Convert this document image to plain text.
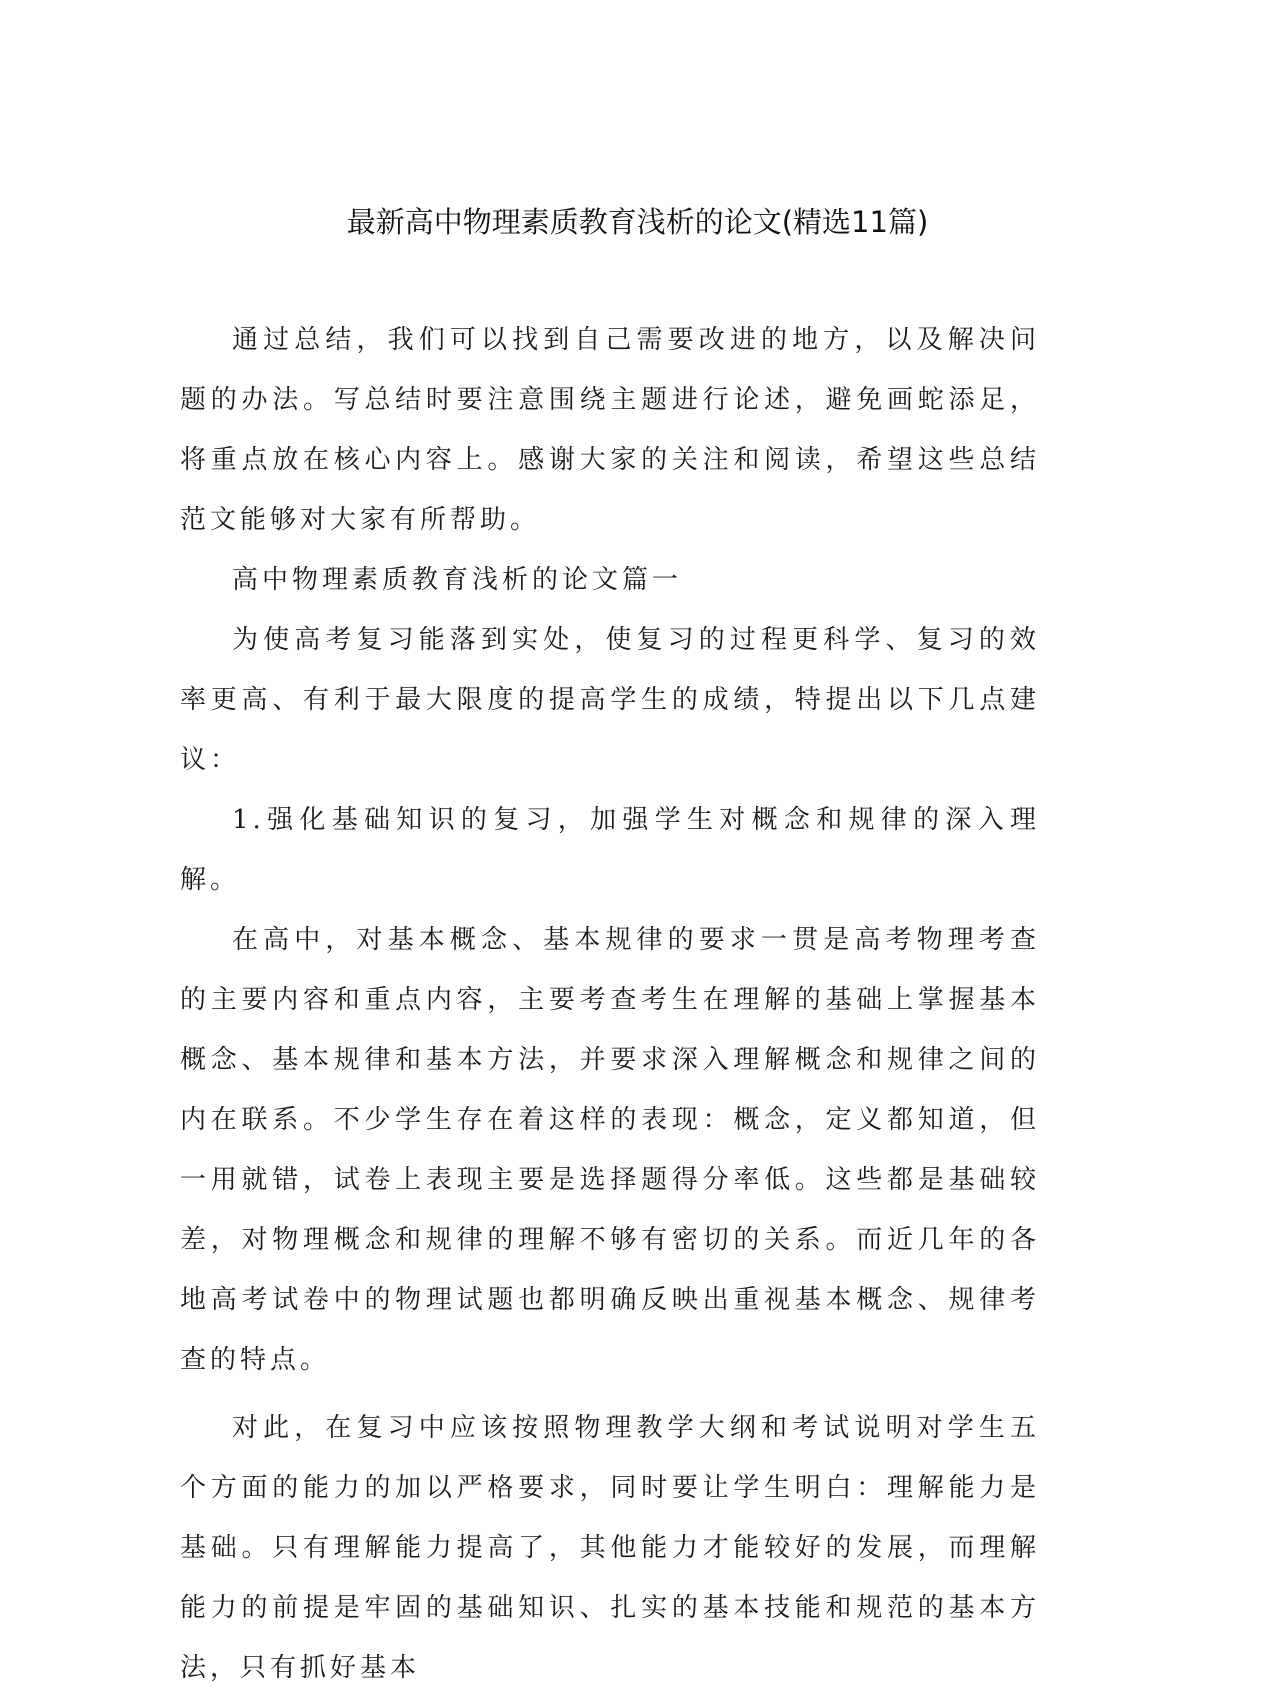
最新高中物理素质教育浅析的论文(精选11篇)

通过总结，我们可以找到自己需要改进的地方，以及解决问题的办法。写总结时要注意围绕主题进行论述，避免画蛇添足，将重点放在核心内容上。感谢大家的关注和阅读，希望这些总结范文能够对大家有所帮助。

高中物理素质教育浅析的论文篇一

为使高考复习能落到实处，使复习的过程更科学、复习的效率更高、有利于最大限度的提高学生的成绩，特提出以下几点建议：

1.强化基础知识的复习，加强学生对概念和规律的深入理解。

在高中，对基本概念、基本规律的要求一贯是高考物理考查的主要内容和重点内容，主要考查考生在理解的基础上掌握基本概念、基本规律和基本方法，并要求深入理解概念和规律之间的内在联系。不少学生存在着这样的表现：概念，定义都知道，但一用就错，试卷上表现主要是选择题得分率低。这些都是基础较差，对物理概念和规律的理解不够有密切的关系。而近几年的各地高考试卷中的物理试题也都明确反映出重视基本概念、规律考查的特点。

对此，在复习中应该按照物理教学大纲和考试说明对学生五个方面的能力的加以严格要求，同时要让学生明白：理解能力是基础。只有理解能力提高了，其他能力才能较好的发展，而理解能力的前提是牢固的基础知识、扎实的基本技能和规范的基本方法，只有抓好基本
